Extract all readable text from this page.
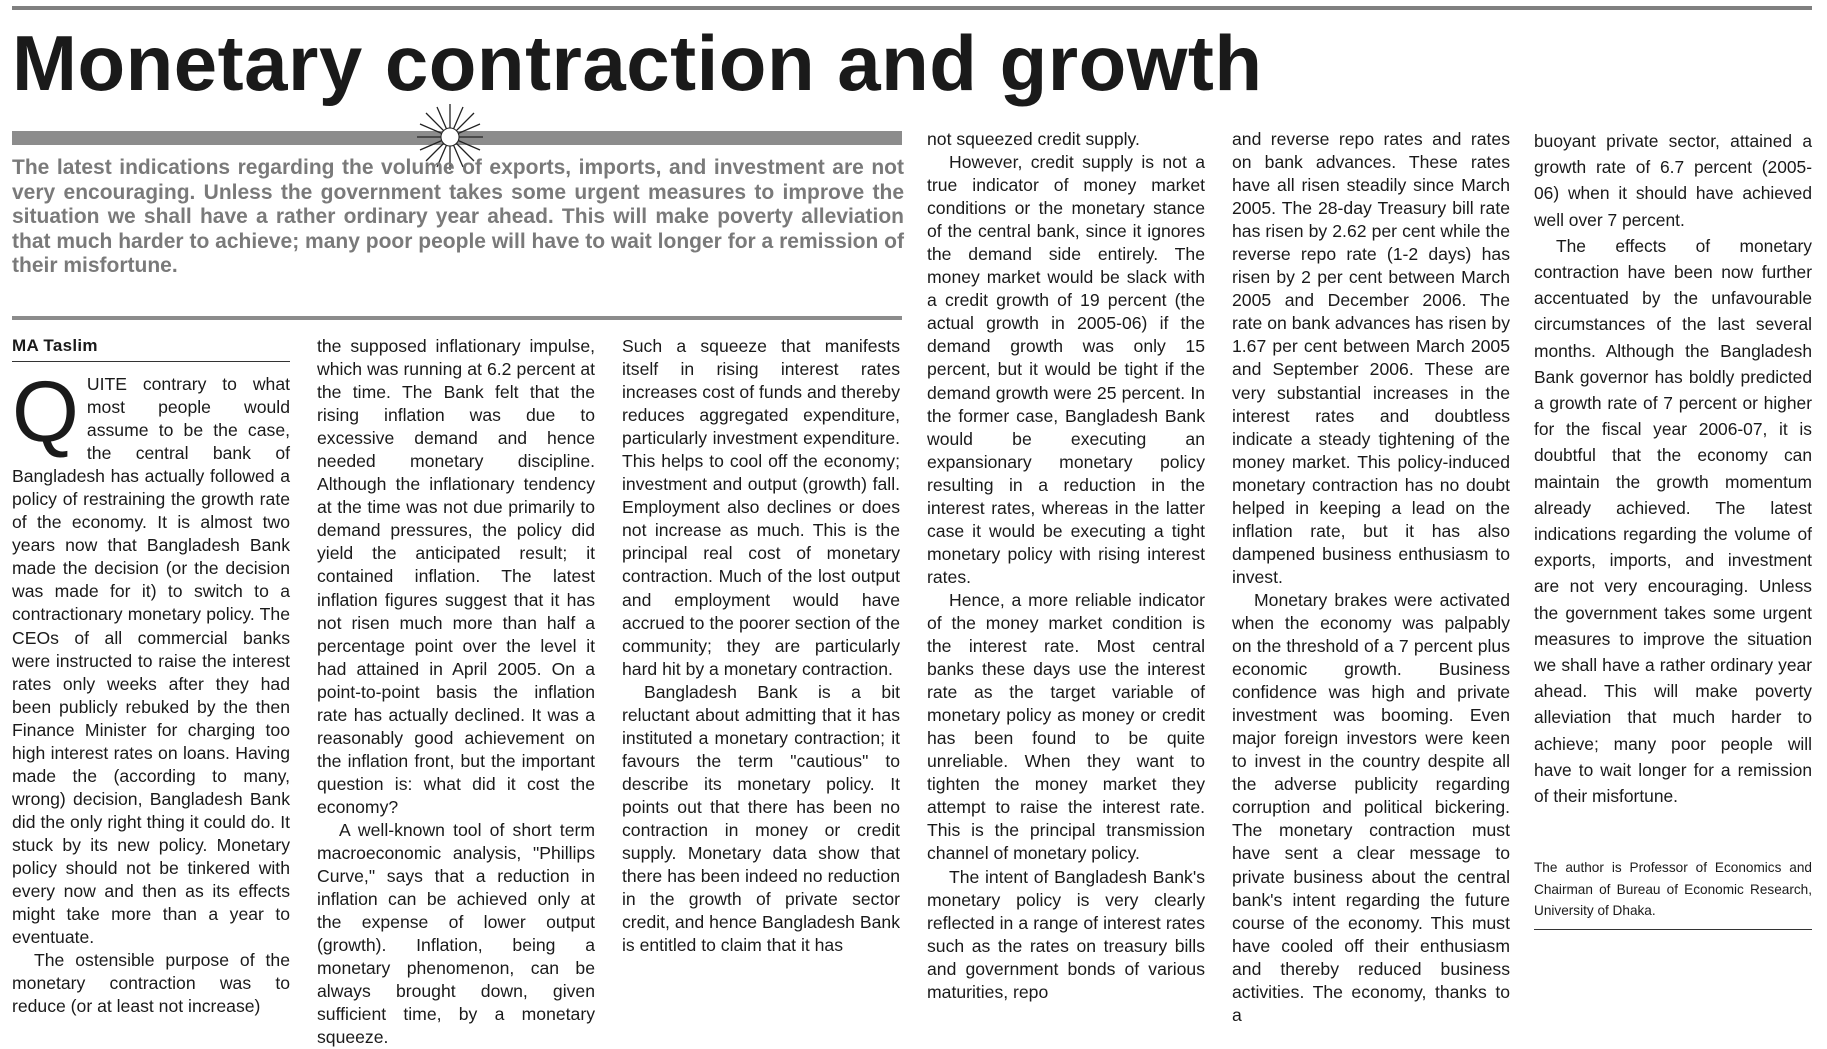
Monetary contraction and growth

The latest indications regarding the volume of exports, imports, and investment are not very encouraging. Unless the government takes some urgent measures to improve the situation we shall have a rather ordinary year ahead. This will make poverty alleviation that much harder to achieve; many poor people will have to wait longer for a remission of their misfortune.

MA Taslim

QUITE contrary to what most people would assume to be the case, the central bank of Bangladesh has actually followed a policy of restraining the growth rate of the economy. It is almost two years now that Bangladesh Bank made the decision (or the decision was made for it) to switch to a contractionary monetary policy. The CEOs of all commercial banks were instructed to raise the interest rates only weeks after they had been publicly rebuked by the then Finance Minister for charging too high interest rates on loans. Having made the (according to many, wrong) decision, Bangladesh Bank did the only right thing it could do. It stuck by its new policy. Monetary policy should not be tinkered with every now and then as its effects might take more than a year to eventuate.

The ostensible purpose of the monetary contraction was to reduce (or at least not increase)

the supposed inflationary impulse, which was running at 6.2 percent at the time. The Bank felt that the rising inflation was due to excessive demand and hence needed monetary discipline. Although the inflationary tendency at the time was not due primarily to demand pressures, the policy did yield the anticipated result; it contained inflation. The latest inflation figures suggest that it has not risen much more than half a percentage point over the level it had attained in April 2005. On a point-to-point basis the inflation rate has actually declined. It was a reasonably good achievement on the inflation front, but the important question is: what did it cost the economy?

A well-known tool of short term macroeconomic analysis, "Phillips Curve," says that a reduction in inflation can be achieved only at the expense of lower output (growth). Inflation, being a monetary phenomenon, can be always brought down, given sufficient time, by a monetary squeeze.

Such a squeeze that manifests itself in rising interest rates increases cost of funds and thereby reduces aggregated expenditure, particularly investment expenditure. This helps to cool off the economy; investment and output (growth) fall. Employment also declines or does not increase as much. This is the principal real cost of monetary contraction. Much of the lost output and employment would have accrued to the poorer section of the community; they are particularly hard hit by a monetary contraction.

Bangladesh Bank is a bit reluctant about admitting that it has instituted a monetary contraction; it favours the term "cautious" to describe its monetary policy. It points out that there has been no contraction in money or credit supply. Monetary data show that there has been indeed no reduction in the growth of private sector credit, and hence Bangladesh Bank is entitled to claim that it has

not squeezed credit supply.

However, credit supply is not a true indicator of money market conditions or the monetary stance of the central bank, since it ignores the demand side entirely. The money market would be slack with a credit growth of 19 percent (the actual growth in 2005-06) if the demand growth was only 15 percent, but it would be tight if the demand growth were 25 percent. In the former case, Bangladesh Bank would be executing an expansionary monetary policy resulting in a reduction in the interest rates, whereas in the latter case it would be executing a tight monetary policy with rising interest rates.

Hence, a more reliable indicator of the money market condition is the interest rate. Most central banks these days use the interest rate as the target variable of monetary policy as money or credit has been found to be quite unreliable. When they want to tighten the money market they attempt to raise the interest rate. This is the principal transmission channel of monetary policy.

The intent of Bangladesh Bank's monetary policy is very clearly reflected in a range of interest rates such as the rates on treasury bills and government bonds of various maturities, repo

and reverse repo rates and rates on bank advances. These rates have all risen steadily since March 2005. The 28-day Treasury bill rate has risen by 2.62 per cent while the reverse repo rate (1-2 days) has risen by 2 per cent between March 2005 and December 2006. The rate on bank advances has risen by 1.67 per cent between March 2005 and September 2006. These are very substantial increases in the interest rates and doubtless indicate a steady tightening of the money market. This policy-induced monetary contraction has no doubt helped in keeping a lead on the inflation rate, but it has also dampened business enthusiasm to invest.

Monetary brakes were activated when the economy was palpably on the threshold of a 7 percent plus economic growth. Business confidence was high and private investment was booming. Even major foreign investors were keen to invest in the country despite all the adverse publicity regarding corruption and political bickering. The monetary contraction must have sent a clear message to private business about the central bank's intent regarding the future course of the economy. This must have cooled off their enthusiasm and thereby reduced business activities. The economy, thanks to a

buoyant private sector, attained a growth rate of 6.7 percent (2005-06) when it should have achieved well over 7 percent.

The effects of monetary contraction have been now further accentuated by the unfavourable circumstances of the last several months. Although the Bangladesh Bank governor has boldly predicted a growth rate of 7 percent or higher for the fiscal year 2006-07, it is doubtful that the economy can maintain the growth momentum already achieved. The latest indications regarding the volume of exports, imports, and investment are not very encouraging. Unless the government takes some urgent measures to improve the situation we shall have a rather ordinary year ahead. This will make poverty alleviation that much harder to achieve; many poor people will have to wait longer for a remission of their misfortune.

The author is Professor of Economics and Chairman of Bureau of Economic Research, University of Dhaka.
